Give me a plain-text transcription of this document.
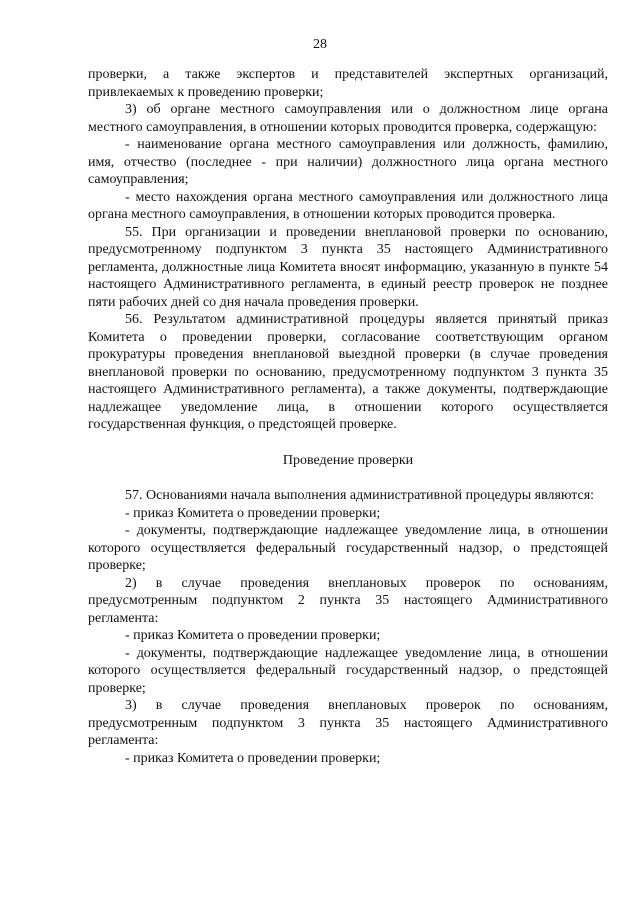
28

проверки, а также экспертов и представителей экспертных организаций, привлекаемых к проведению проверки;

3) об органе местного самоуправления или о должностном лице органа местного самоуправления, в отношении которых проводится проверка, содержащую:

- наименование органа местного самоуправления или должность, фамилию, имя, отчество (последнее - при наличии) должностного лица органа местного самоуправления;

- место нахождения органа местного самоуправления или должностного лица органа местного самоуправления, в отношении которых проводится проверка.

55. При организации и проведении внеплановой проверки по основанию, предусмотренному подпунктом 3 пункта 35 настоящего Административного регламента, должностные лица Комитета вносят информацию, указанную в пункте 54 настоящего Административного регламента, в единый реестр проверок не позднее пяти рабочих дней со дня начала проведения проверки.

56. Результатом административной процедуры является принятый приказ Комитета о проведении проверки, согласование соответствующим органом прокуратуры проведения внеплановой выездной проверки (в случае проведения внеплановой проверки по основанию, предусмотренному подпунктом 3 пункта 35 настоящего Административного регламента), а также документы, подтверждающие надлежащее уведомление лица, в отношении которого осуществляется государственная функция, о предстоящей проверке.

Проведение проверки

57. Основаниями начала выполнения административной процедуры являются:

- приказ Комитета о проведении проверки;

- документы, подтверждающие надлежащее уведомление лица, в отношении которого осуществляется федеральный государственный надзор, о предстоящей проверке;

2) в случае проведения внеплановых проверок по основаниям, предусмотренным подпунктом 2 пункта 35 настоящего Административного регламента:

- приказ Комитета о проведении проверки;

- документы, подтверждающие надлежащее уведомление лица, в отношении которого осуществляется федеральный государственный надзор, о предстоящей проверке;

3) в случае проведения внеплановых проверок по основаниям, предусмотренным подпунктом 3 пункта 35 настоящего Административного регламента:

- приказ Комитета о проведении проверки;
